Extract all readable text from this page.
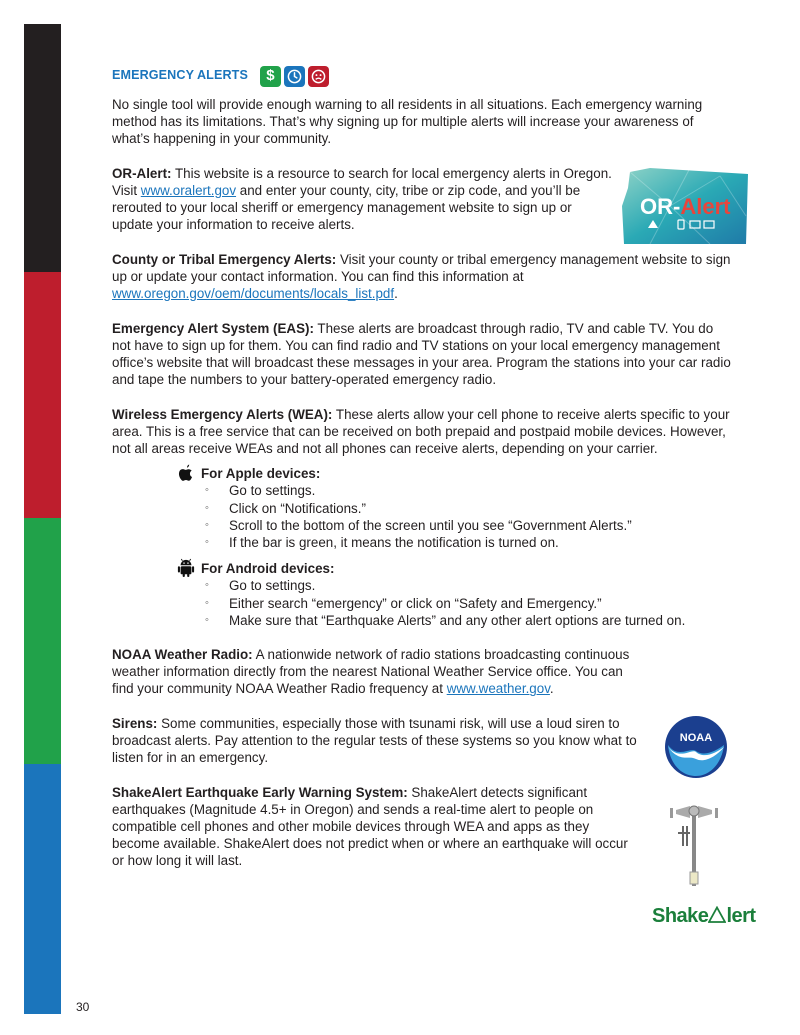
30
EMERGENCY ALERTS	$

No single tool will provide enough warning to all residents in all situations. Each emergency warning method has its limitations. That’s why signing up for multiple alerts will increase your awareness of what’s happening in your community.

OR-Alert: This website is a resource to search for local emergency alerts in Oregon. Visit www.oralert.gov and enter your county, city, tribe or zip code, and you’ll be rerouted to your local sheriff or emergency management website to sign up or update your information to receive alerts.

County or Tribal Emergency Alerts: Visit your county or tribal emergency management website to sign up or update your contact information. You can find this information at www.oregon.gov/oem/documents/locals_list.pdf.

Emergency Alert System (EAS): These alerts are broadcast through radio, TV and cable TV. You do not have to sign up for them. You can find radio and TV stations on your local emergency management office’s website that will broadcast these messages in your area. Program the stations into your car radio and tape the numbers to your battery-operated emergency radio.

Wireless Emergency Alerts (WEA): These alerts allow your cell phone to receive alerts specific to your area. This is a free service that can be received on both prepaid and postpaid mobile devices. However, not all areas receive WEAs and not all phones can receive alerts, depending on your carrier.

For Apple devices:
◦ Go to settings.
◦ Click on “Notifications.”
◦ Scroll to the bottom of the screen until you see “Government Alerts.”
◦ If the bar is green, it means the notification is turned on.
For Android devices:
◦ Go to settings.
◦ Either search “emergency” or click on “Safety and Emergency.”
◦ Make sure that “Earthquake Alerts” and any other alert options are turned on.

NOAA Weather Radio: A nationwide network of radio stations broadcasting continuous weather information directly from the nearest National Weather Service office. You can find your community NOAA Weather Radio frequency at www.weather.gov.

Sirens: Some communities, especially those with tsunami risk, will use a loud siren to broadcast alerts. Pay attention to the regular tests of these systems so you know what to listen for in an emergency.

ShakeAlert Earthquake Early Warning System: ShakeAlert detects significant earthquakes (Magnitude 4.5+ in Oregon) and sends a real-time alert to people on compatible cell phones and other mobile devices through WEA and apps as they become available. ShakeAlert does not predict when or where an earthquake will occur or how long it will last.

OR-Alert
NOAA
Shake lert
